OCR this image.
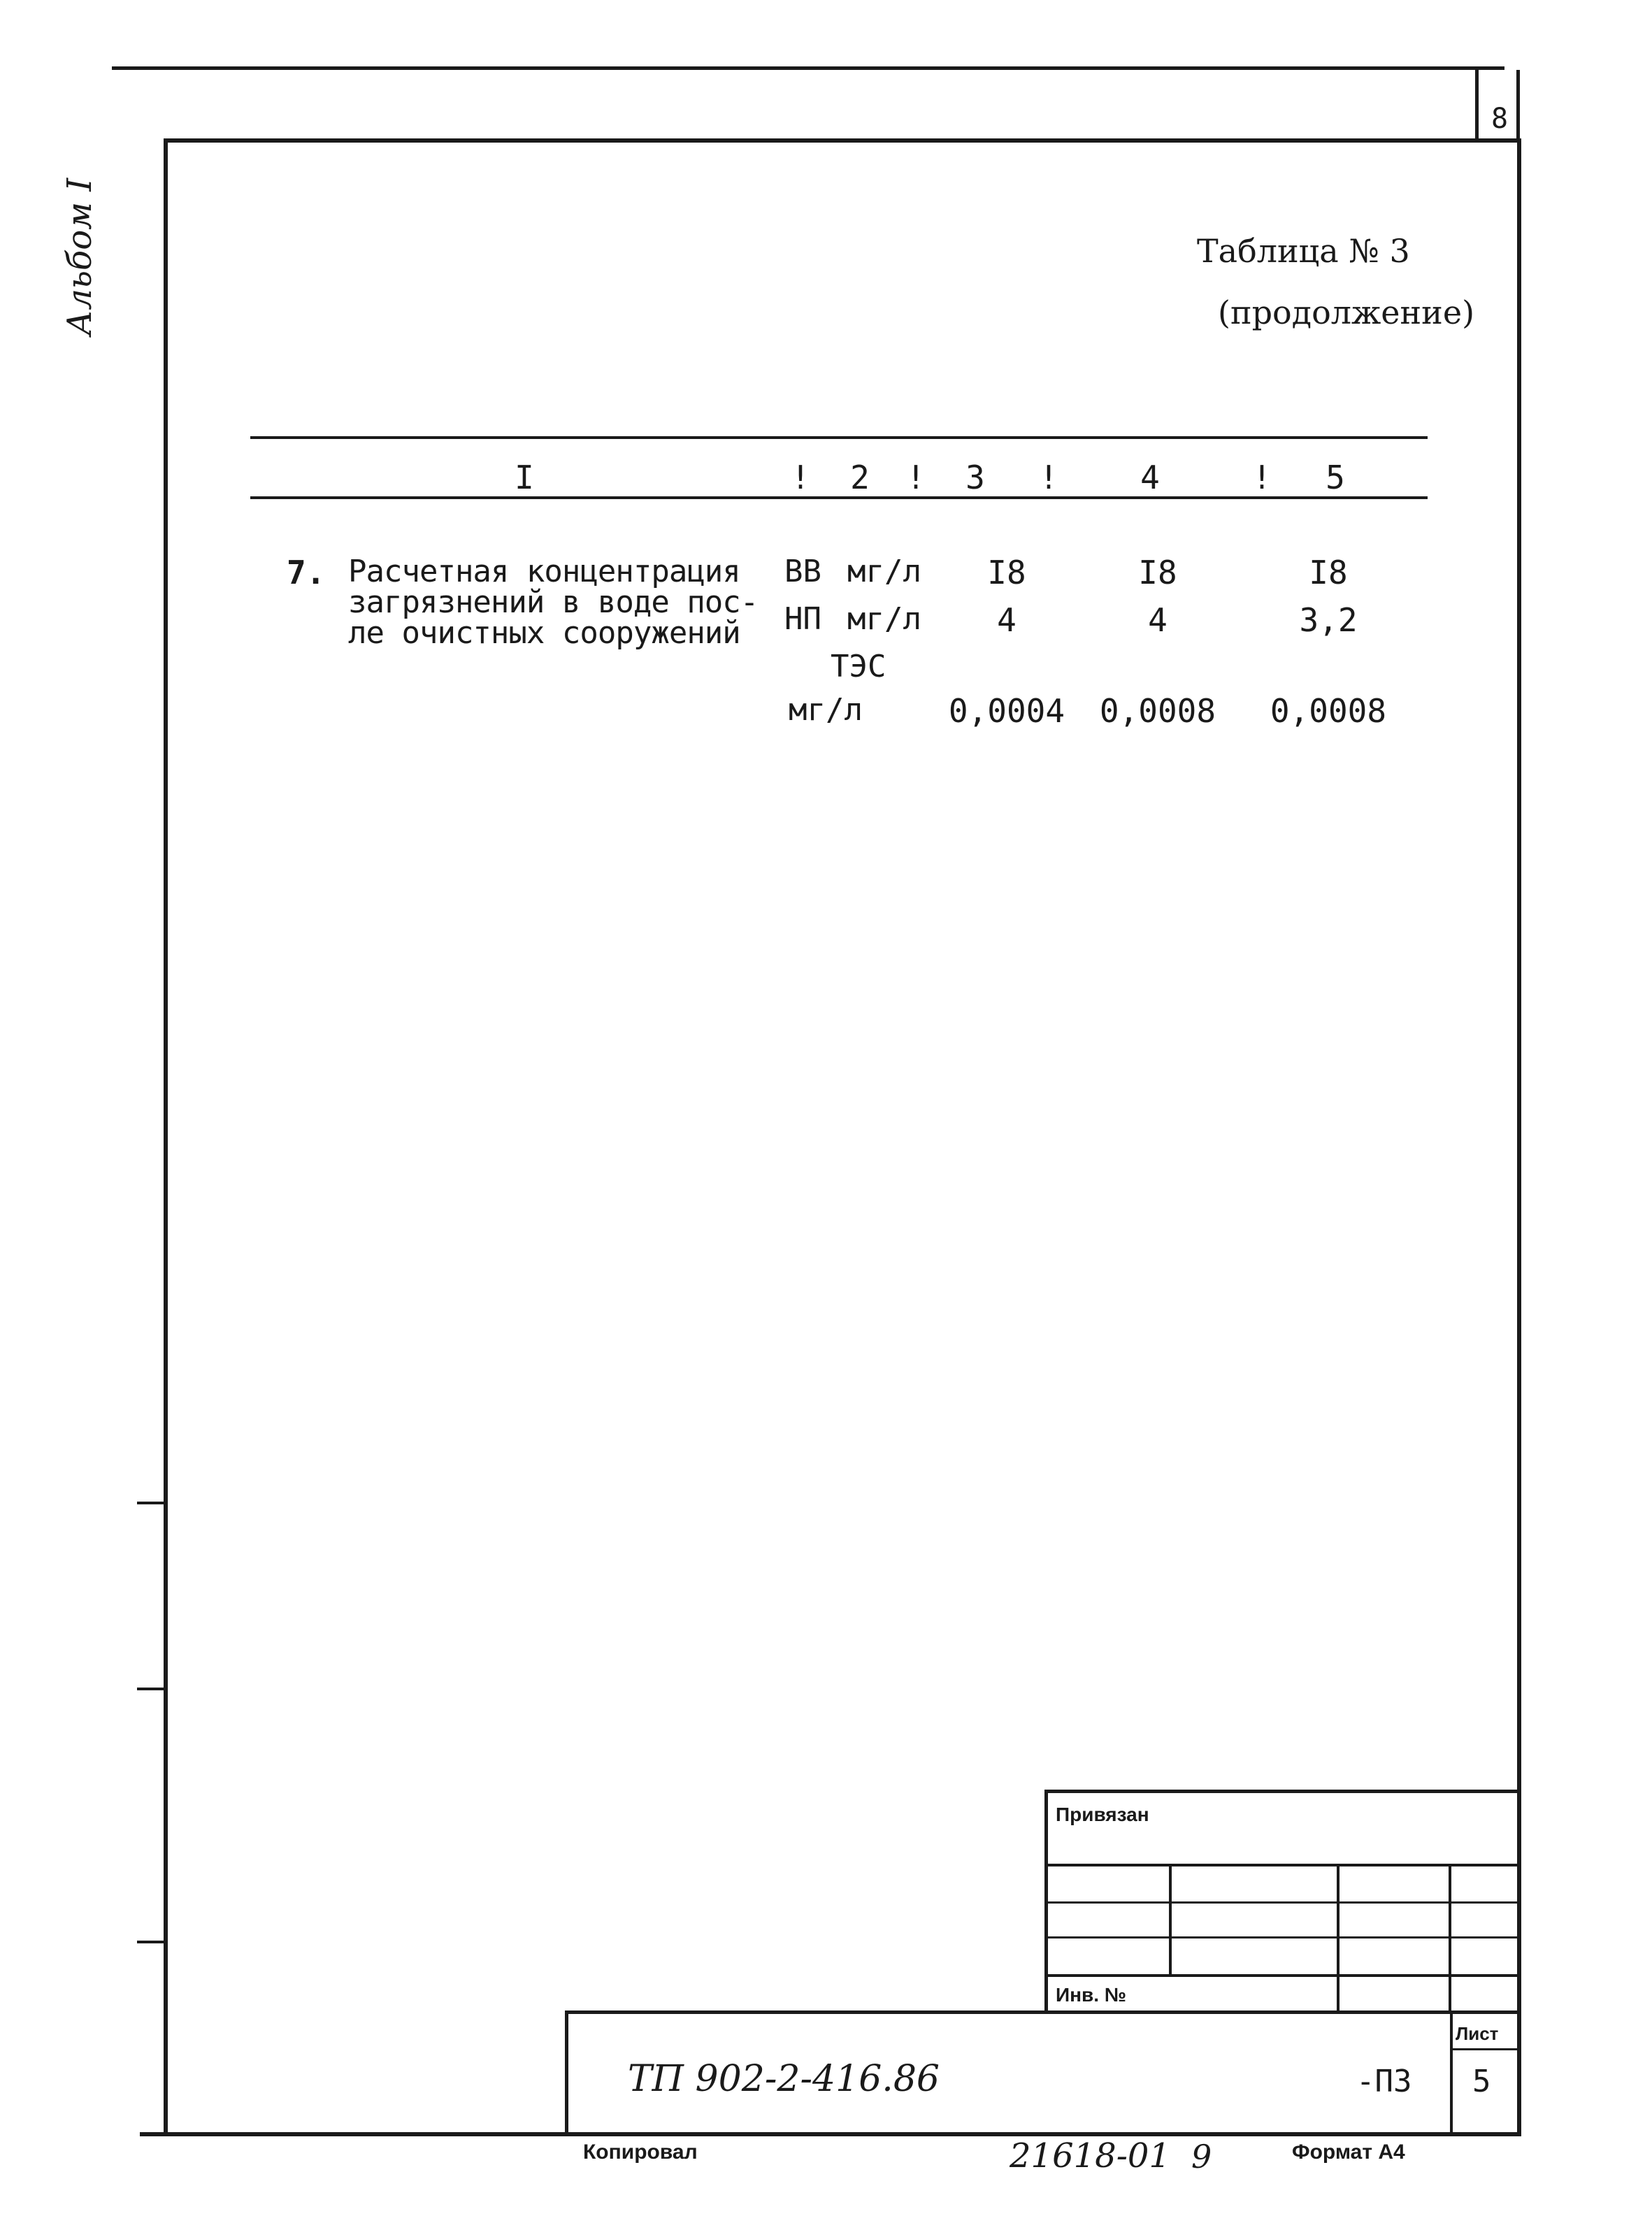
8
Альбом I	Таблица № 3
(продолжение)
I	!	2	!	3	!	4	!	5
7. Расчетная концентрация
загрязнений в воде пос-
ле очистных сооружений
ВВ мг/л	I8	I8	I8
НП мг/л	4	4	3,2
ТЭС
мг/л	0,0004	0,0008	0,0008
Привязан
Инв. №
ТП 902-2-416.86	-ПЗ
Лист
5
Копировал	21618-01 9	Формат А4
